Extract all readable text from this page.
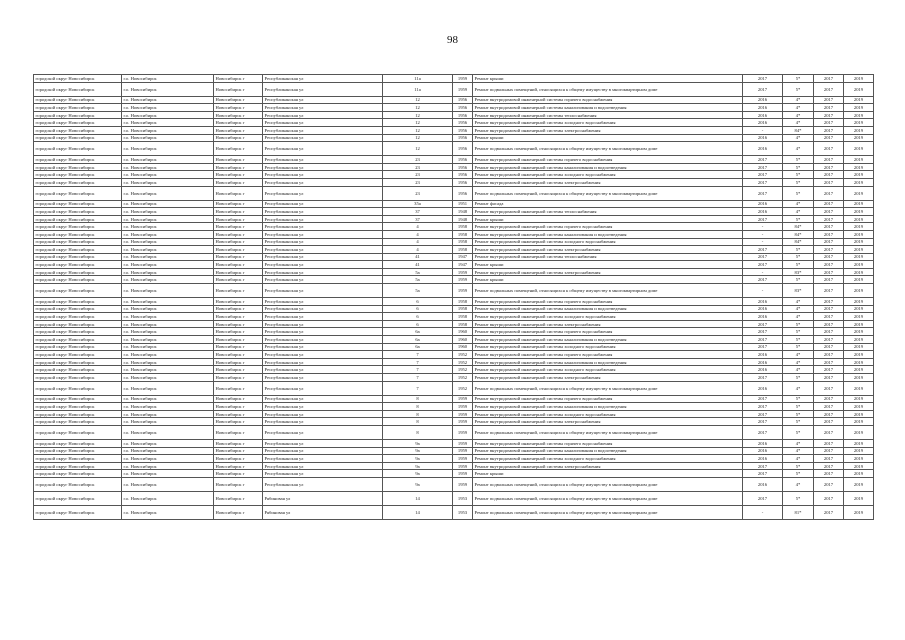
98
городской округ Новосибирск	г.о. Новосибирск	Новосибирск г	Республиканская ул	11а	1959	Ремонт крыши	2017	5*	2017	2019
городской округ Новосибирск	г.о. Новосибирск	Новосибирск г	Республиканская ул	11а	1959	Ремонт подвальных помещений, относящихся к общему имуществу в многоквартирном доме	2017	5*	2017	2019
городской округ Новосибирск	г.о. Новосибирск	Новосибирск г	Республиканская ул	12	1956	Ремонт внутридомовой инженерной системы горячего водоснабжения	2016	4*	2017	2019
городской округ Новосибирск	г.о. Новосибирск	Новосибирск г	Республиканская ул	12	1956	Ремонт внутридомовой инженерной системы канализования и водоотведения	2016	4*	2017	2019
городской округ Новосибирск	г.о. Новосибирск	Новосибирск г	Республиканская ул	12	1956	Ремонт внутридомовой инженерной системы теплоснабжения	2016	4*	2017	2019
городской округ Новосибирск	г.о. Новосибирск	Новосибирск г	Республиканская ул	12	1956	Ремонт внутридомовой инженерной системы холодного водоснабжения	2016	4*	2017	2019
городской округ Новосибирск	г.о. Новосибирск	Новосибирск г	Республиканская ул	12	1956	Ремонт внутридомовой инженерной системы электроснабжения	-	84*	2017	2019
городской округ Новосибирск	г.о. Новосибирск	Новосибирск г	Республиканская ул	12	1956	Ремонт крыши	2016	4*	2017	2019
городской округ Новосибирск	г.о. Новосибирск	Новосибирск г	Республиканская ул	12	1956	Ремонт подвальных помещений, относящихся к общему имуществу в многоквартирном доме	2016	4*	2017	2019
городской округ Новосибирск	г.о. Новосибирск	Новосибирск г	Республиканская ул	23	1956	Ремонт внутридомовой инженерной системы горячего водоснабжения	2017	5*	2017	2019
городской округ Новосибирск	г.о. Новосибирск	Новосибирск г	Республиканская ул	23	1956	Ремонт внутридомовой инженерной системы канализования и водоотведения	2017	5*	2017	2019
городской округ Новосибирск	г.о. Новосибирск	Новосибирск г	Республиканская ул	23	1956	Ремонт внутридомовой инженерной системы холодного водоснабжения	2017	5*	2017	2019
городской округ Новосибирск	г.о. Новосибирск	Новосибирск г	Республиканская ул	23	1956	Ремонт внутридомовой инженерной системы электроснабжения	2017	5*	2017	2019
городской округ Новосибирск	г.о. Новосибирск	Новосибирск г	Республиканская ул	23	1956	Ремонт подвальных помещений, относящихся к общему имуществу в многоквартирном доме	2017	5*	2017	2019
городской округ Новосибирск	г.о. Новосибирск	Новосибирск г	Республиканская ул	35а	1951	Ремонт фасада	2016	4*	2017	2019
городской округ Новосибирск	г.о. Новосибирск	Новосибирск г	Республиканская ул	37	1948	Ремонт внутридомовой инженерной системы теплоснабжения	2016	4*	2017	2019
городской округ Новосибирск	г.о. Новосибирск	Новосибирск г	Республиканская ул	37	1948	Ремонт крыши	2017	5*	2017	2019
городской округ Новосибирск	г.о. Новосибирск	Новосибирск г	Республиканская ул	4	1958	Ремонт внутридомовой инженерной системы горячего водоснабжения	-	84*	2017	2019
городской округ Новосибирск	г.о. Новосибирск	Новосибирск г	Республиканская ул	4	1958	Ремонт внутридомовой инженерной системы канализования и водоотведения	-	84*	2017	2019
городской округ Новосибирск	г.о. Новосибирск	Новосибирск г	Республиканская ул	4	1958	Ремонт внутридомовой инженерной системы холодного водоснабжения	-	84*	2017	2019
городской округ Новосибирск	г.о. Новосибирск	Новосибирск г	Республиканская ул	4	1958	Ремонт внутридомовой инженерной системы электроснабжения	2017	5*	2017	2019
городской округ Новосибирск	г.о. Новосибирск	Новосибирск г	Республиканская ул	41	1947	Ремонт внутридомовой инженерной системы теплоснабжения	2017	5*	2017	2019
городской округ Новосибирск	г.о. Новосибирск	Новосибирск г	Республиканская ул	41	1947	Ремонт крыши	2017	5*	2017	2019
городской округ Новосибирск	г.о. Новосибирск	Новосибирск г	Республиканская ул	5а	1959	Ремонт внутридомовой инженерной системы электроснабжения	-	83*	2017	2019
городской округ Новосибирск	г.о. Новосибирск	Новосибирск г	Республиканская ул	5а	1959	Ремонт крыши	2017	5*	2017	2019
городской округ Новосибирск	г.о. Новосибирск	Новосибирск г	Республиканская ул	5а	1959	Ремонт подвальных помещений, относящихся к общему имуществу в многоквартирном доме	-	83*	2017	2019
городской округ Новосибирск	г.о. Новосибирск	Новосибирск г	Республиканская ул	6	1958	Ремонт внутридомовой инженерной системы горячего водоснабжения	2016	4*	2017	2019
городской округ Новосибирск	г.о. Новосибирск	Новосибирск г	Республиканская ул	6	1958	Ремонт внутридомовой инженерной системы канализования и водоотведения	2016	4*	2017	2019
городской округ Новосибирск	г.о. Новосибирск	Новосибирск г	Республиканская ул	6	1958	Ремонт внутридомовой инженерной системы холодного водоснабжения	2016	4*	2017	2019
городской округ Новосибирск	г.о. Новосибирск	Новосибирск г	Республиканская ул	6	1958	Ремонт внутридомовой инженерной системы электроснабжения	2017	5*	2017	2019
городской округ Новосибирск	г.о. Новосибирск	Новосибирск г	Республиканская ул	6а	1960	Ремонт внутридомовой инженерной системы горячего водоснабжения	2017	5*	2017	2019
городской округ Новосибирск	г.о. Новосибирск	Новосибирск г	Республиканская ул	6а	1960	Ремонт внутридомовой инженерной системы канализования и водоотведения	2017	5*	2017	2019
городской округ Новосибирск	г.о. Новосибирск	Новосибирск г	Республиканская ул	6а	1960	Ремонт внутридомовой инженерной системы холодного водоснабжения	2017	5*	2017	2019
городской округ Новосибирск	г.о. Новосибирск	Новосибирск г	Республиканская ул	7	1952	Ремонт внутридомовой инженерной системы горячего водоснабжения	2016	4*	2017	2019
городской округ Новосибирск	г.о. Новосибирск	Новосибирск г	Республиканская ул	7	1952	Ремонт внутридомовой инженерной системы канализования и водоотведения	2016	4*	2017	2019
городской округ Новосибирск	г.о. Новосибирск	Новосибирск г	Республиканская ул	7	1952	Ремонт внутридомовой инженерной системы холодного водоснабжения	2016	4*	2017	2019
городской округ Новосибирск	г.о. Новосибирск	Новосибирск г	Республиканская ул	7	1952	Ремонт внутридомовой инженерной системы электроснабжения	2017	5*	2017	2019
городской округ Новосибирск	г.о. Новосибирск	Новосибирск г	Республиканская ул	7	1952	Ремонт подвальных помещений, относящихся к общему имуществу в многоквартирном доме	2016	4*	2017	2019
городской округ Новосибирск	г.о. Новосибирск	Новосибирск г	Республиканская ул	8	1959	Ремонт внутридомовой инженерной системы горячего водоснабжения	2017	5*	2017	2019
городской округ Новосибирск	г.о. Новосибирск	Новосибирск г	Республиканская ул	8	1959	Ремонт внутридомовой инженерной системы канализования и водоотведения	2017	5*	2017	2019
городской округ Новосибирск	г.о. Новосибирск	Новосибирск г	Республиканская ул	8	1959	Ремонт внутридомовой инженерной системы холодного водоснабжения	2017	5*	2017	2019
городской округ Новосибирск	г.о. Новосибирск	Новосибирск г	Республиканская ул	8	1959	Ремонт внутридомовой инженерной системы электроснабжения	2017	5*	2017	2019
городской округ Новосибирск	г.о. Новосибирск	Новосибирск г	Республиканская ул	8	1959	Ремонт подвальных помещений, относящихся к общему имуществу в многоквартирном доме	2017	5*	2017	2019
городской округ Новосибирск	г.о. Новосибирск	Новосибирск г	Республиканская ул	9а	1959	Ремонт внутридомовой инженерной системы горячего водоснабжения	2016	4*	2017	2019
городской округ Новосибирск	г.о. Новосибирск	Новосибирск г	Республиканская ул	9а	1959	Ремонт внутридомовой инженерной системы канализования и водоотведения	2016	4*	2017	2019
городской округ Новосибирск	г.о. Новосибирск	Новосибирск г	Республиканская ул	9а	1959	Ремонт внутридомовой инженерной системы холодного водоснабжения	2016	4*	2017	2019
городской округ Новосибирск	г.о. Новосибирск	Новосибирск г	Республиканская ул	9а	1959	Ремонт внутридомовой инженерной системы электроснабжения	2017	5*	2017	2019
городской округ Новосибирск	г.о. Новосибирск	Новосибирск г	Республиканская ул	9а	1959	Ремонт крыши	2017	5*	2017	2019
городской округ Новосибирск	г.о. Новосибирск	Новосибирск г	Республиканская ул	9а	1959	Ремонт подвальных помещений, относящихся к общему имуществу в многоквартирном доме	2016	4*	2017	2019
городской округ Новосибирск	г.о. Новосибирск	Новосибирск г	Рябиновая ул	14	1953	Ремонт подвальных помещений, относящихся к общему имуществу в многоквартирном доме	2017	5*	2017	2019
городской округ Новосибирск	г.о. Новосибирск	Новосибирск г	Рябиновая ул	14	1953	Ремонт подвальных помещений, относящихся к общему имуществу в многоквартирном доме	-	81*	2017	2019
